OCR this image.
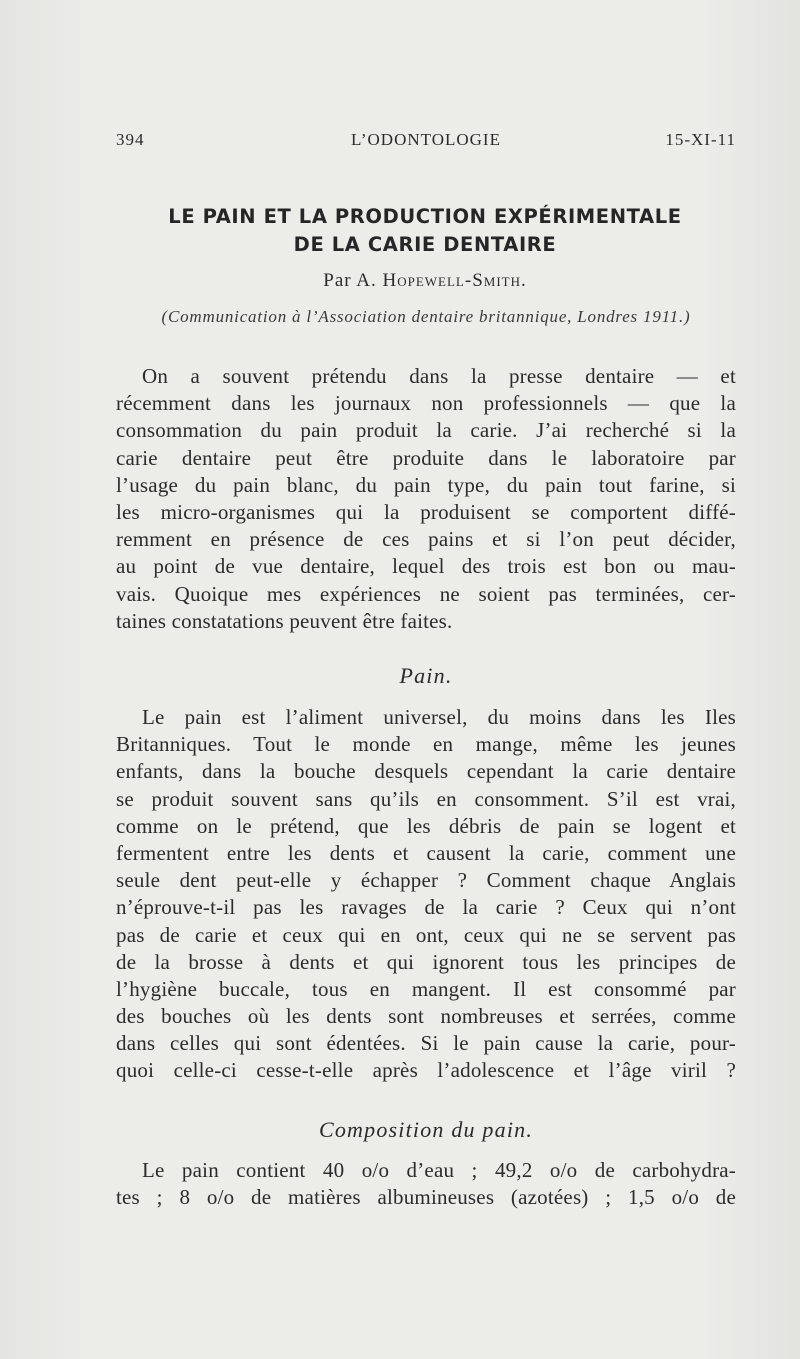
394	L’ODONTOLOGIE	15-XI-11
LE PAIN ET LA PRODUCTION EXPÉRIMENTALE
DE LA CARIE DENTAIRE
Par A. Hopewell-Smith.
(Communication à l’Association dentaire britannique, Londres 1911.)
On a souvent prétendu dans la presse dentaire — et
récemment dans les journaux non professionnels — que la
consommation du pain produit la carie. J’ai recherché si la
carie dentaire peut être produite dans le laboratoire par
l’usage du pain blanc, du pain type, du pain tout farine, si
les micro-organismes qui la produisent se comportent diffé-
remment en présence de ces pains et si l’on peut décider,
au point de vue dentaire, lequel des trois est bon ou mau-
vais. Quoique mes expériences ne soient pas terminées, cer-
taines constatations peuvent être faites.
Pain.
Le pain est l’aliment universel, du moins dans les Iles
Britanniques. Tout le monde en mange, même les jeunes
enfants, dans la bouche desquels cependant la carie dentaire
se produit souvent sans qu’ils en consomment. S’il est vrai,
comme on le prétend, que les débris de pain se logent et
fermentent entre les dents et causent la carie, comment une
seule dent peut-elle y échapper ? Comment chaque Anglais
n’éprouve-t-il pas les ravages de la carie ? Ceux qui n’ont
pas de carie et ceux qui en ont, ceux qui ne se servent pas
de la brosse à dents et qui ignorent tous les principes de
l’hygiène buccale, tous en mangent. Il est consommé par
des bouches où les dents sont nombreuses et serrées, comme
dans celles qui sont édentées. Si le pain cause la carie, pour-
quoi celle-ci cesse-t-elle après l’adolescence et l’âge viril ?
Composition du pain.
Le pain contient 40 o/o d’eau ; 49,2 o/o de carbohydra-
tes ; 8 o/o de matières albumineuses (azotées) ; 1,5 o/o de
